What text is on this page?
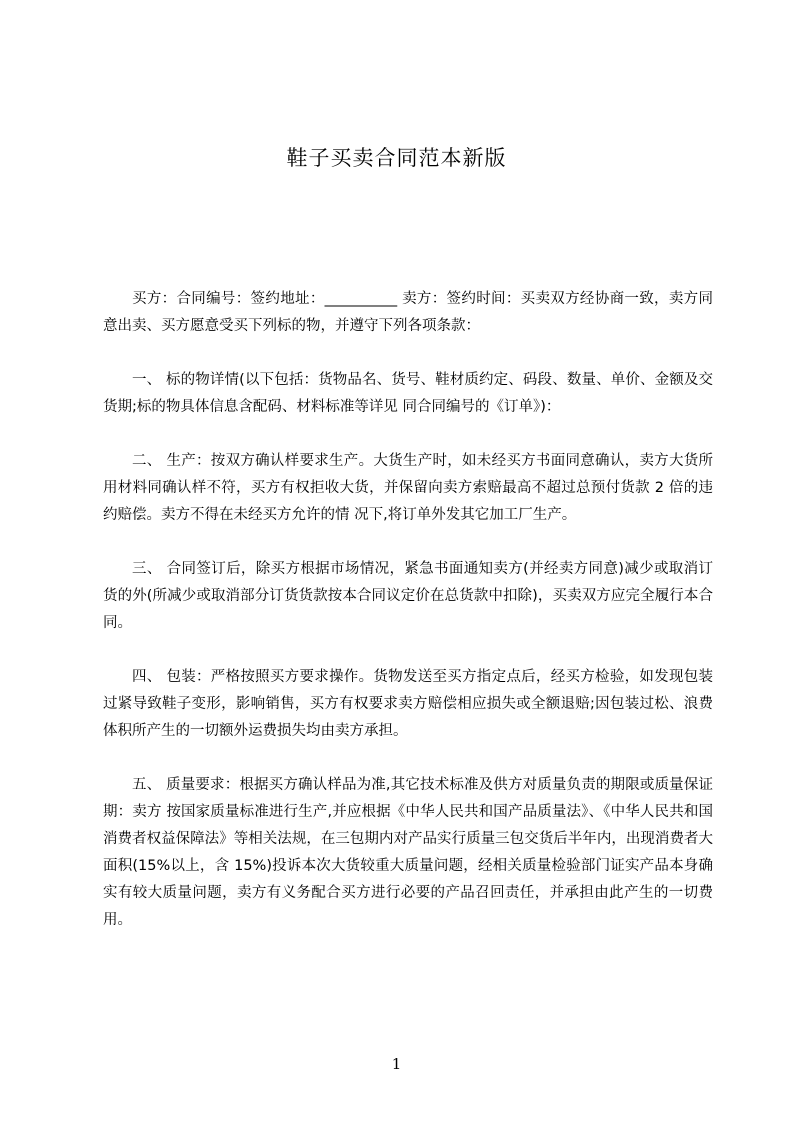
鞋子买卖合同范本新版

买方：合同编号：签约地址：__________ 卖方：签约时间：买卖双方经协商一致，卖方同意出卖、买方愿意受买下列标的物，并遵守下列各项条款：

一、 标的物详情(以下包括：货物品名、货号、鞋材质约定、码段、数量、单价、金额及交货期;标的物具体信息含配码、材料标准等详见 同合同编号的《订单》)：

二、 生产：按双方确认样要求生产。大货生产时，如未经买方书面同意确认，卖方大货所用材料同确认样不符，买方有权拒收大货，并保留向卖方索赔最高不超过总预付货款 2 倍的违约赔偿。卖方不得在未经买方允许的情 况下,将订单外发其它加工厂生产。

三、 合同签订后，除买方根据市场情况，紧急书面通知卖方(并经卖方同意)减少或取消订货的外(所减少或取消部分订货货款按本合同议定价在总货款中扣除)，买卖双方应完全履行本合同。

四、 包装：严格按照买方要求操作。货物发送至买方指定点后，经买方检验，如发现包装过紧导致鞋子变形，影响销售，买方有权要求卖方赔偿相应损失或全额退赔;因包装过松、浪费体积所产生的一切额外运费损失均由卖方承担。

五、 质量要求：根据买方确认样品为准,其它技术标准及供方对质量负责的期限或质量保证期：卖方 按国家质量标准进行生产,并应根据《中华人民共和国产品质量法》、《中华人民共和国消费者权益保障法》等相关法规，在三包期内对产品实行质量三包交货后半年内，出现消费者大面积(15%以上，含 15%)投诉本次大货较重大质量问题，经相关质量检验部门证实产品本身确实有较大质量问题，卖方有义务配合买方进行必要的产品召回责任，并承担由此产生的一切费用。

1
